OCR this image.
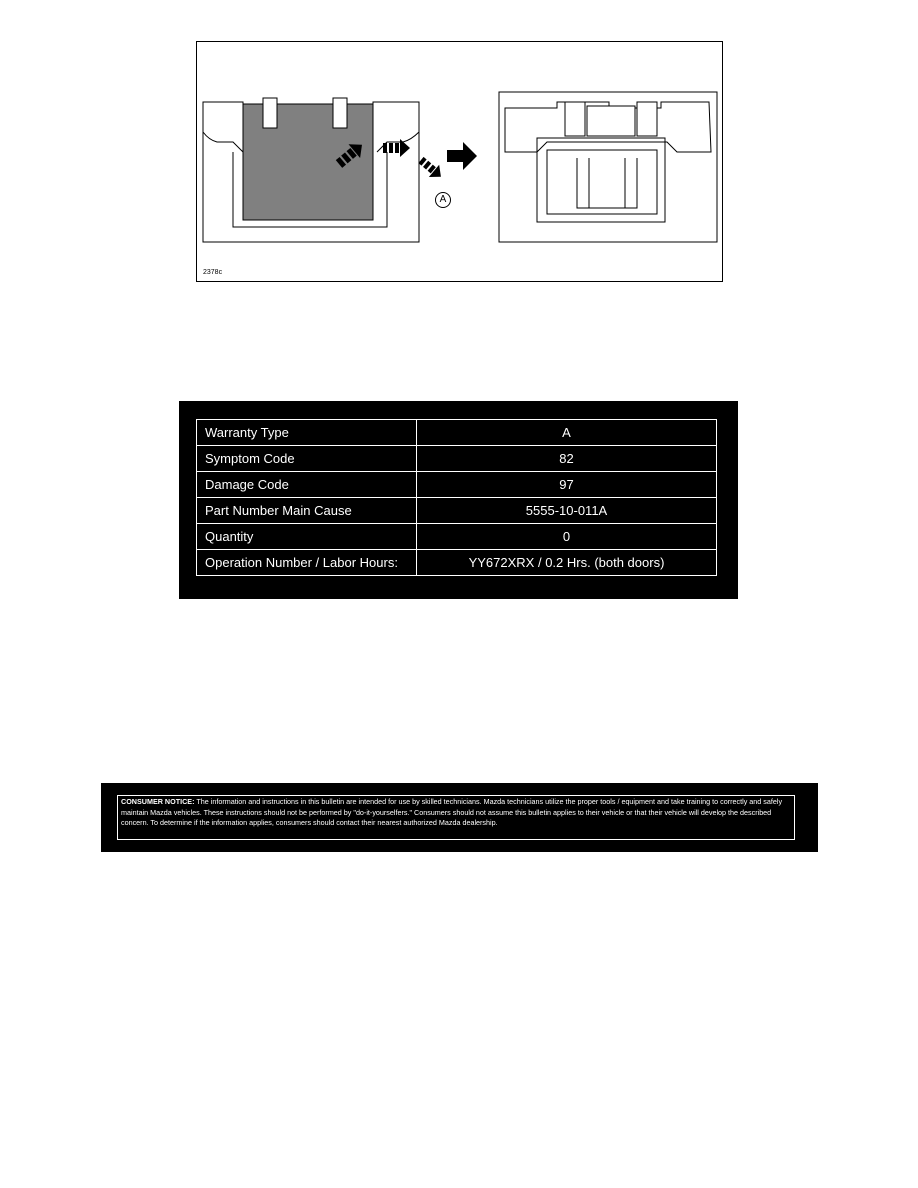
A
2378c
Warranty Type	A
Symptom Code	82
Damage Code	97
Part Number Main Cause	5555-10-011A
Quantity	0
Operation Number / Labor Hours:	YY672XRX / 0.2 Hrs. (both doors)
CONSUMER NOTICE: The information and instructions in this bulletin are intended for use by skilled technicians. Mazda technicians utilize the proper tools / equipment and take training to correctly and safely maintain Mazda vehicles. These instructions should not be performed by "do-it-yourselfers." Consumers should not assume this bulletin applies to their vehicle or that their vehicle will develop the described concern. To determine if the information applies, consumers should contact their nearest authorized Mazda dealership.
